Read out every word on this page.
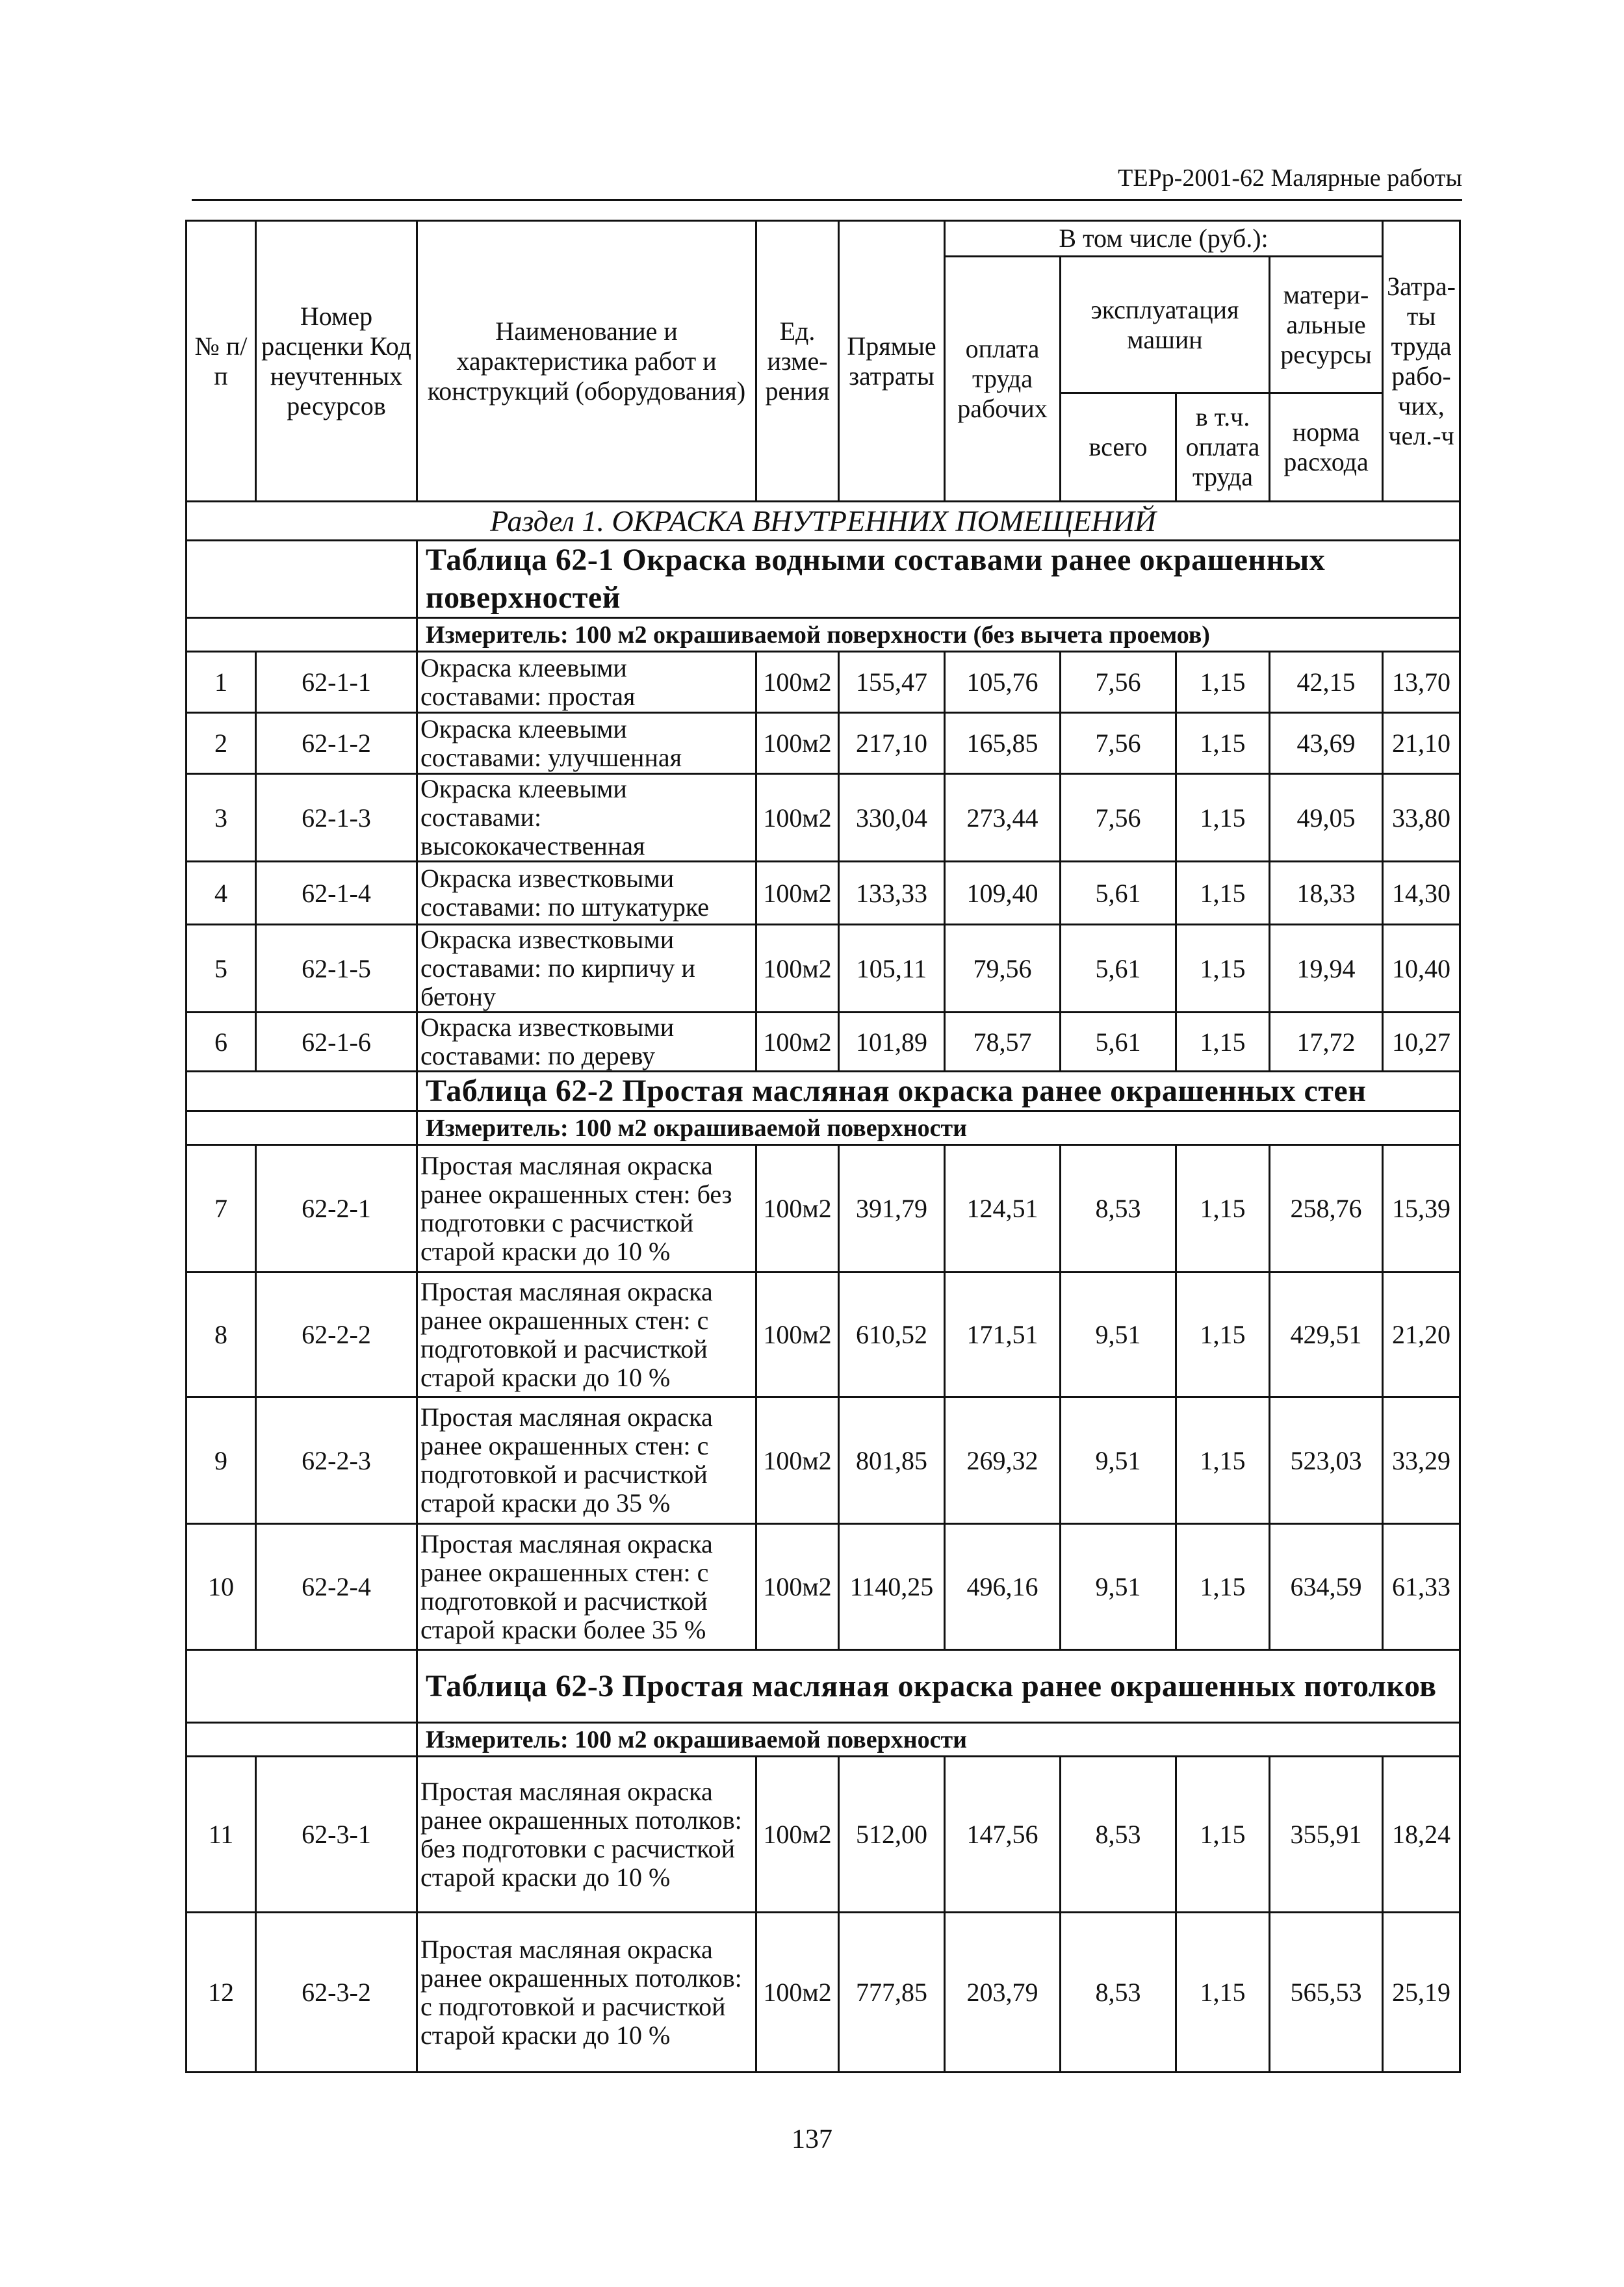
ТЕРр-2001-62 Малярные работы
№ п/п	Номер расценки Код неучтенных ресурсов	Наименование и характеристика работ и конструкций (оборудования)	Ед. изме-рения	Прямые затраты	В том числе (руб.):				Затра-ты труда рабо-чих, чел.-ч
					оплата труда рабочих	эксплуатация машин		матери-альные ресурсы	
						всего	в т.ч. оплата труда	норма расхода	
Раздел 1. ОКРАСКА ВНУТРЕННИХ ПОМЕЩЕНИЙ									
		Таблица 62-1 Окраска водными составами ранее окрашенных поверхностей							
		Измеритель: 100 м2 окрашиваемой поверхности (без вычета проемов)							
1	62-1-1	Окраска клеевыми составами: простая	100м2	155,47	105,76	7,56	1,15	42,15	13,70
2	62-1-2	Окраска клеевыми составами: улучшенная	100м2	217,10	165,85	7,56	1,15	43,69	21,10
3	62-1-3	Окраска клеевыми составами: высококачественная	100м2	330,04	273,44	7,56	1,15	49,05	33,80
4	62-1-4	Окраска известковыми составами: по штукатурке	100м2	133,33	109,40	5,61	1,15	18,33	14,30
5	62-1-5	Окраска известковыми составами: по кирпичу и бетону	100м2	105,11	79,56	5,61	1,15	19,94	10,40
6	62-1-6	Окраска известковыми составами: по дереву	100м2	101,89	78,57	5,61	1,15	17,72	10,27
		Таблица 62-2 Простая масляная окраска ранее окрашенных стен							
		Измеритель: 100 м2 окрашиваемой поверхности							
7	62-2-1	Простая масляная окраска ранее окрашенных стен: без подготовки с расчисткой старой краски до 10 %	100м2	391,79	124,51	8,53	1,15	258,76	15,39
8	62-2-2	Простая масляная окраска ранее окрашенных стен: с подготовкой и расчисткой старой краски до 10 %	100м2	610,52	171,51	9,51	1,15	429,51	21,20
9	62-2-3	Простая масляная окраска ранее окрашенных стен: с подготовкой и расчисткой старой краски до 35 %	100м2	801,85	269,32	9,51	1,15	523,03	33,29
10	62-2-4	Простая масляная окраска ранее окрашенных стен: с подготовкой и расчисткой старой краски более 35 %	100м2	1140,25	496,16	9,51	1,15	634,59	61,33
		Таблица 62-3 Простая масляная окраска ранее окрашенных потолков							
		Измеритель: 100 м2 окрашиваемой поверхности							
11	62-3-1	Простая масляная окраска ранее окрашенных потолков: без подготовки с расчисткой старой краски до 10 %	100м2	512,00	147,56	8,53	1,15	355,91	18,24
12	62-3-2	Простая масляная окраска ранее окрашенных потолков: с подготовкой и расчисткой старой краски до 10 %	100м2	777,85	203,79	8,53	1,15	565,53	25,19
137
